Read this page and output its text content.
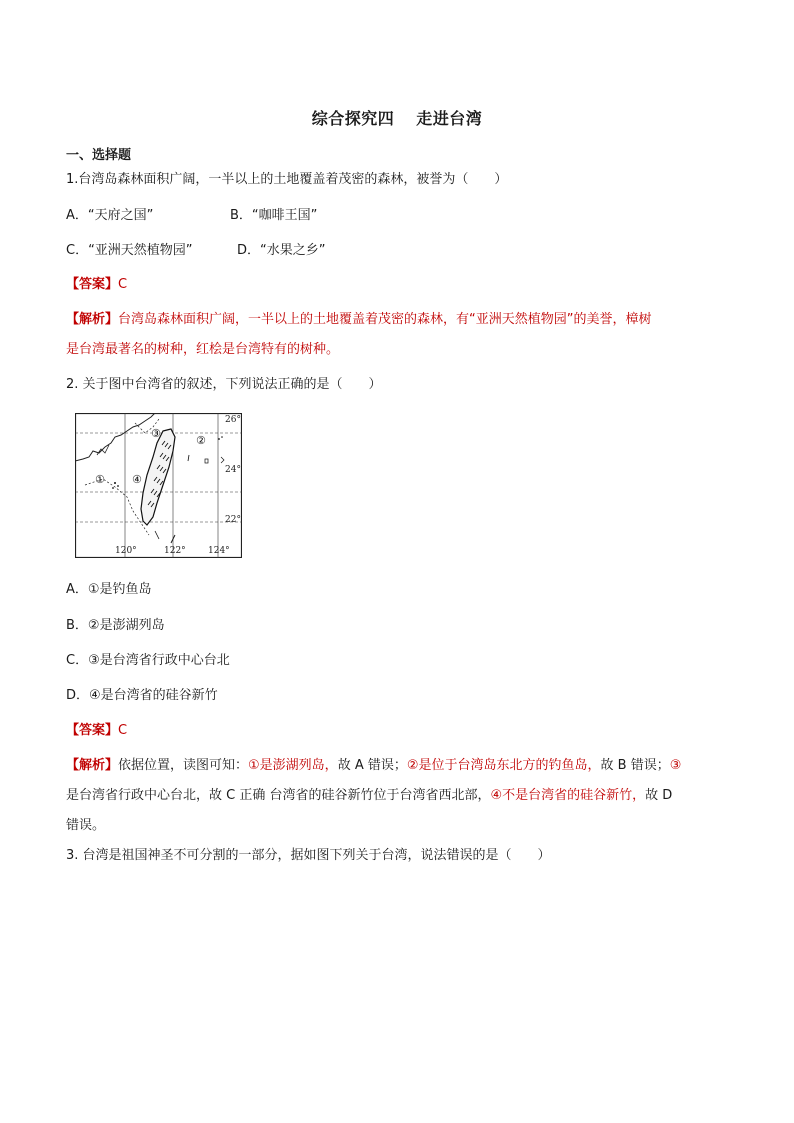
综合探究四 走进台湾
一、选择题
1.台湾岛森林面积广阔，一半以上的土地覆盖着茂密的森林，被誉为（　　）
A．“天府之国”	B．“咖啡王国”
C．“亚洲天然植物园”	D．“水果之乡”
【答案】C
【解析】台湾岛森林面积广阔，一半以上的土地覆盖着茂密的森林，有“亚洲天然植物园”的美誉，樟树
是台湾最著名的树种，红桧是台湾特有的树种。
2. 关于图中台湾省的叙述，下列说法正确的是（　　）
①
②
③
④
26°
24°
22°
120°	122° 124°
A．①是钓鱼岛
B．②是澎湖列岛
C．③是台湾省行政中心台北
D．④是台湾省的硅谷新竹
【答案】C
【解析】依据位置，读图可知：①是澎湖列岛，故 A 错误；②是位于台湾岛东北方的钓鱼岛，故 B 错误；③
是台湾省行政中心台北，故 C 正确 台湾省的硅谷新竹位于台湾省西北部，④不是台湾省的硅谷新竹，故 D
错误。
3. 台湾是祖国神圣不可分割的一部分，据如图下列关于台湾，说法错误的是（　　）
